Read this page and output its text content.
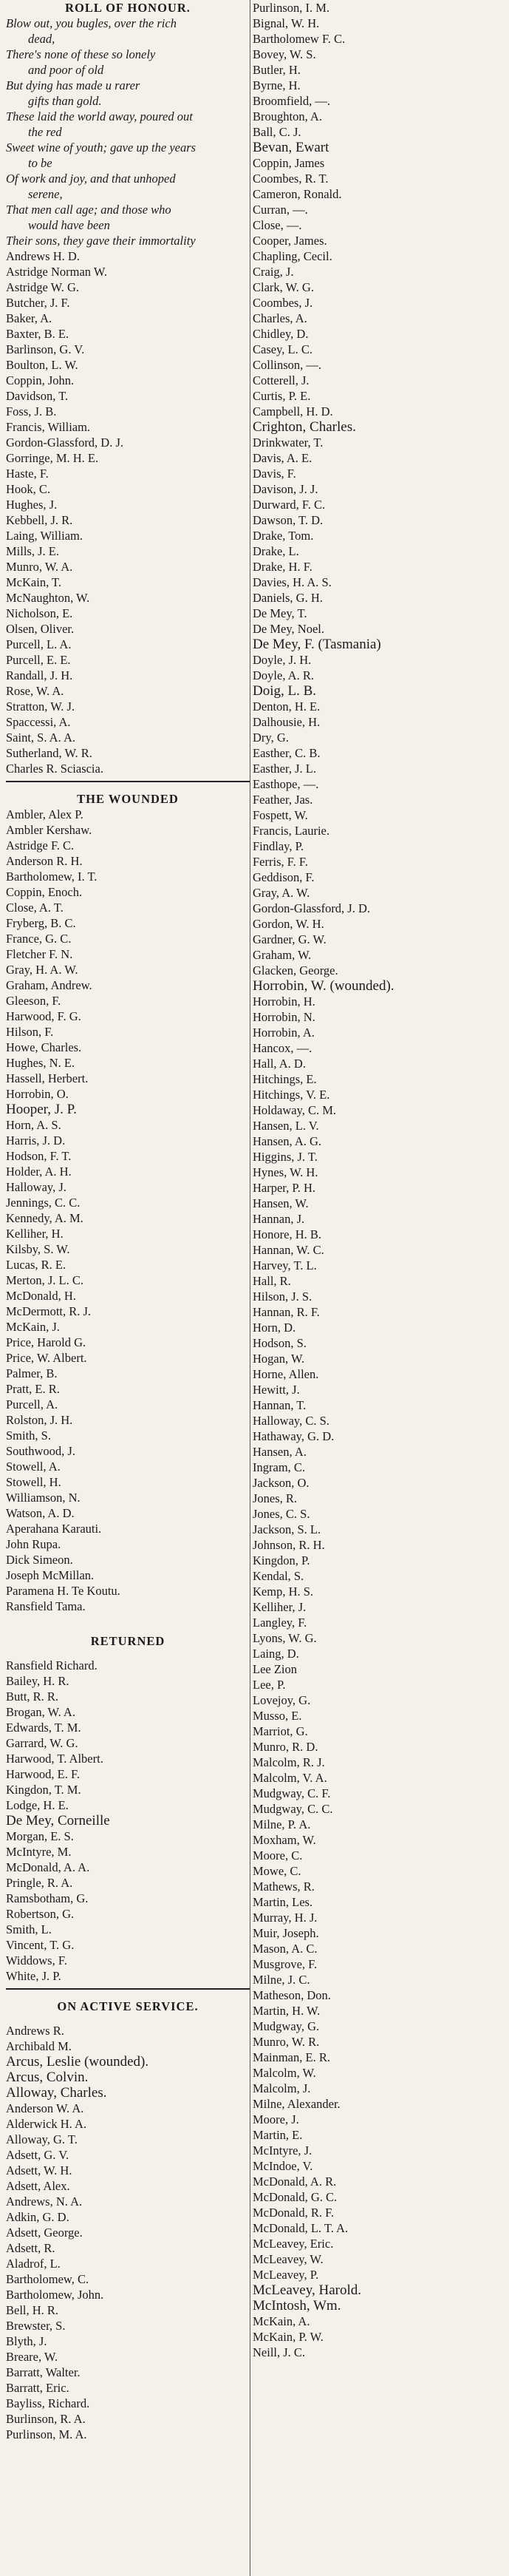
ROLL OF HONOUR.
Blow out, you bugles, over the rich
dead,
There's none of these so lonely
and poor of old
But dying has made u rarer
gifts than gold.
These laid the world away, poured out
the red
Sweet wine of youth; gave up the years
to be
Of work and joy, and that unhoped
serene,
That men call age; and those who
would have been
Their sons, they gave their immortality
Andrews H. D.
Astridge Norman W.
Astridge W. G.
Butcher, J. F.
Baker, A.
Baxter, B. E.
Barlinson, G. V.
Boulton, L. W.
Coppin, John.
Davidson, T.
Foss, J. B.
Francis, William.
Gordon-Glassford, D. J.
Gorringe, M. H. E.
Haste, F.
Hook, C.
Hughes, J.
Kebbell, J. R.
Laing, William.
Mills, J. E.
Munro, W. A.
McKain, T.
McNaughton, W.
Nicholson, E.
Olsen, Oliver.
Purcell, L. A.
Purcell, E. E.
Randall, J. H.
Rose, W. A.
Stratton, W. J.
Spaccessi, A.
Saint, S. A. A.
Sutherland, W. R.
Charles R. Sciascia.
THE WOUNDED
Ambler, Alex P.
Ambler Kershaw.
Astridge F. C.
Anderson R. H.
Bartholomew, I. T.
Coppin, Enoch.
Close, A. T.
Fryberg, B. C.
France, G. C.
Fletcher F. N.
Gray, H. A. W.
Graham, Andrew.
Gleeson, F.
Harwood, F. G.
Hilson, F.
Howe, Charles.
Hughes, N. E.
Hassell, Herbert.
Horrobin, O.
Hooper, J. P.
Horn, A. S.
Harris, J. D.
Hodson, F. T.
Holder, A. H.
Halloway, J.
Jennings, C. C.
Kennedy, A. M.
Kelliher, H.
Kilsby, S. W.
Lucas, R. E.
Merton, J. L. C.
McDonald, H.
McDermott, R. J.
McKain, J.
Price, Harold G.
Price, W. Albert.
Palmer, B.
Pratt, E. R.
Purcell, A.
Rolston, J. H.
Smith, S.
Southwood, J.
Stowell, A.
Stowell, H.
Williamson, N.
Watson, A. D.
Aperahana Karauti.
John Rupa.
Dick Simeon.
Joseph McMillan.
Paramena H. Te Koutu.
Ransfield Tama.
RETURNED
Ransfield Richard.
Bailey, H. R.
Butt, R. R.
Brogan, W. A.
Edwards, T. M.
Garrard, W. G.
Harwood, T. Albert.
Harwood, E. F.
Kingdon, T. M.
Lodge, H. E.
De Mey, Corneille
Morgan, E. S.
McIntyre, M.
McDonald, A. A.
Pringle, R. A.
Ramsbotham, G.
Robertson, G.
Smith, L.
Vincent, T. G.
Widdows, F.
White, J. P.
ON ACTIVE SERVICE.
Andrews R.
Archibald M.
Arcus, Leslie (wounded).
Arcus, Colvin.
Alloway, Charles.
Anderson W. A.
Alderwick H. A.
Alloway, G. T.
Adsett, G. V.
Adsett, W. H.
Adsett, Alex.
Andrews, N. A.
Adkin, G. D.
Adsett, George.
Adsett, R.
Aladrof, L.
Bartholomew, C.
Bartholomew, John.
Bell, H. R.
Brewster, S.
Blyth, J.
Breare, W.
Barratt, Walter.
Barratt, Eric.
Bayliss, Richard.
Burlinson, R. A.
Purlinson, M. A.
Purlinson, I. M.
Bignal, W. H.
Bartholomew F. C.
Bovey, W. S.
Butler, H.
Byrne, H.
Broomfield, —.
Broughton, A.
Ball, C. J.
Bevan, Ewart
Coppin, James
Coombes, R. T.
Cameron, Ronald.
Curran, —.
Close, —.
Cooper, James.
Chapling, Cecil.
Craig, J.
Clark, W. G.
Coombes, J.
Charles, A.
Chidley, D.
Casey, L. C.
Collinson, —.
Cotterell, J.
Curtis, P. E.
Campbell, H. D.
Crighton, Charles.
Drinkwater, T.
Davis, A. E.
Davis, F.
Davison, J. J.
Durward, F. C.
Dawson, T. D.
Drake, Tom.
Drake, L.
Drake, H. F.
Davies, H. A. S.
Daniels, G. H.
De Mey, T.
De Mey, Noel.
De Mey, F. (Tasmania)
Doyle, J. H.
Doyle, A. R.
Doig, L. B.
Denton, H. E.
Dalhousie, H.
Dry, G.
Easther, C. B.
Easther, J. L.
Easthope, —.
Feather, Jas.
Fospett, W.
Francis, Laurie.
Findlay, P.
Ferris, F. F.
Geddison, F.
Gray, A. W.
Gordon-Glassford, J. D.
Gordon, W. H.
Gardner, G. W.
Graham, W.
Glacken, George.
Horrobin, W. (wounded).
Horrobin, H.
Horrobin, N.
Horrobin, A.
Hancox, —.
Hall, A. D.
Hitchings, E.
Hitchings, V. E.
Holdaway, C. M.
Hansen, L. V.
Hansen, A. G.
Higgins, J. T.
Hynes, W. H.
Harper, P. H.
Hansen, W.
Hannan, J.
Honore, H. B.
Hannan, W. C.
Harvey, T. L.
Hall, R.
Hilson, J. S.
Hannan, R. F.
Horn, D.
Hodson, S.
Hogan, W.
Horne, Allen.
Hewitt, J.
Hannan, T.
Halloway, C. S.
Hathaway, G. D.
Hansen, A.
Ingram, C.
Jackson, O.
Jones, R.
Jones, C. S.
Jackson, S. L.
Johnson, R. H.
Kingdon, P.
Kendal, S.
Kemp, H. S.
Kelliher, J.
Langley, F.
Lyons, W. G.
Laing, D.
Lee Zion
Lee, P.
Lovejoy, G.
Musso, E.
Marriot, G.
Munro, R. D.
Malcolm, R. J.
Malcolm, V. A.
Mudgway, C. F.
Mudgway, C. C.
Milne, P. A.
Moxham, W.
Moore, C.
Mowe, C.
Mathews, R.
Martin, Les.
Murray, H. J.
Muir, Joseph.
Mason, A. C.
Musgrove, F.
Milne, J. C.
Matheson, Don.
Martin, H. W.
Mudgway, G.
Munro, W. R.
Mainman, E. R.
Malcolm, W.
Malcolm, J.
Milne, Alexander.
Moore, J.
Martin, E.
McIntyre, J.
McIndoe, V.
McDonald, A. R.
McDonald, G. C.
McDonald, R. F.
McDonald, L. T. A.
McLeavey, Eric.
McLeavey, W.
McLeavey, P.
McLeavey, Harold.
McIntosh, Wm.
McKain, A.
McKain, P. W.
Neill, J. C.
